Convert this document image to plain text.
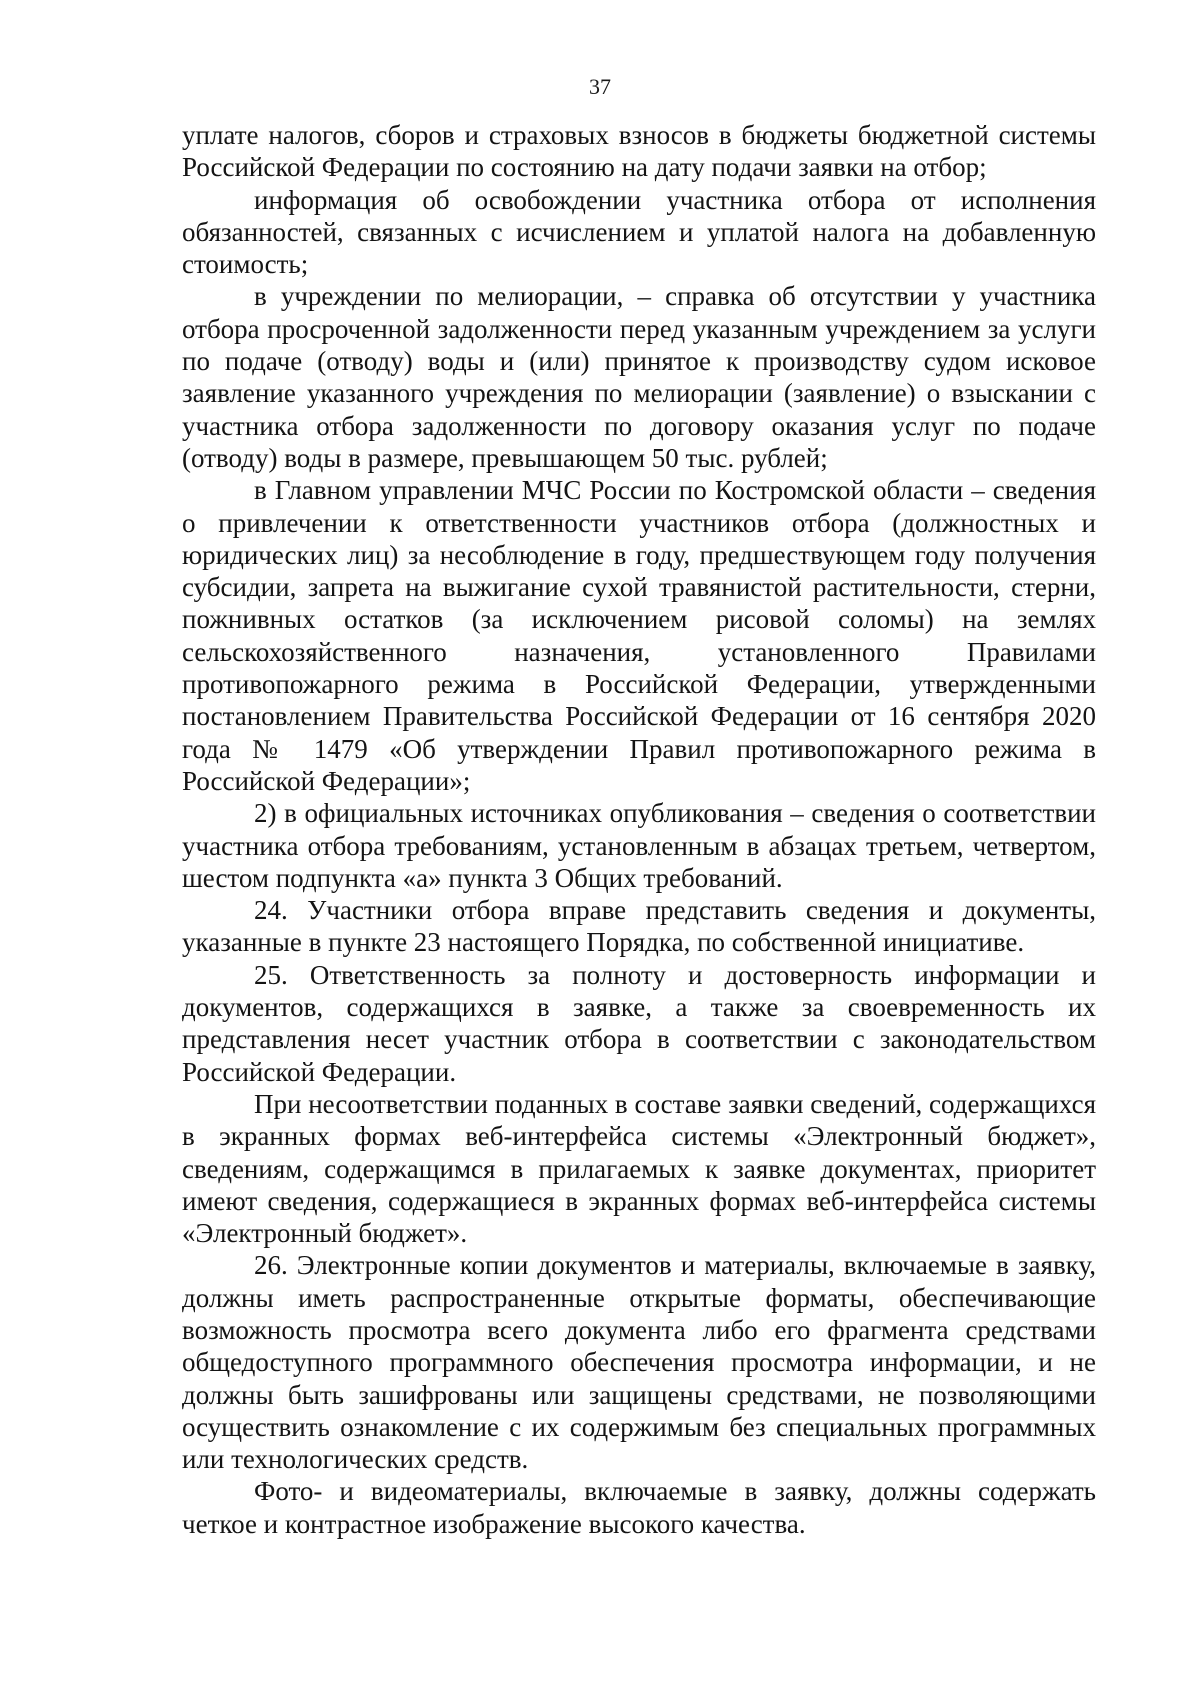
37

уплате налогов, сборов и страховых взносов в бюджеты бюджетной системы Российской Федерации по состоянию на дату подачи заявки на отбор;

информация об освобождении участника отбора от исполнения обязанностей, связанных с исчислением и уплатой налога на добавленную стоимость;

в учреждении по мелиорации, – справка об отсутствии у участника отбора просроченной задолженности перед указанным учреждением за услуги по подаче (отводу) воды и (или) принятое к производству судом исковое заявление указанного учреждения по мелиорации (заявление) о взыскании с участника отбора задолженности по договору оказания услуг по подаче (отводу) воды в размере, превышающем 50 тыс. рублей;

в Главном управлении МЧС России по Костромской области – сведения о привлечении к ответственности участников отбора (должностных и юридических лиц) за несоблюдение в году, предшествующем году получения субсидии, запрета на выжигание сухой травянистой растительности, стерни, пожнивных остатков (за исключением рисовой соломы) на землях сельскохозяйственного назначения, установленного Правилами противопожарного режима в Российской Федерации, утвержденными постановлением Правительства Российской Федерации от 16 сентября 2020 года № 1479 «Об утверждении Правил противопожарного режима в Российской Федерации»;

2) в официальных источниках опубликования – сведения о соответствии участника отбора требованиям, установленным в абзацах третьем, четвертом, шестом подпункта «а» пункта 3 Общих требований.

24. Участники отбора вправе представить сведения и документы, указанные в пункте 23 настоящего Порядка, по собственной инициативе.

25. Ответственность за полноту и достоверность информации и документов, содержащихся в заявке, а также за своевременность их представления несет участник отбора в соответствии с законодательством Российской Федерации.

При несоответствии поданных в составе заявки сведений, содержащихся в экранных формах веб-интерфейса системы «Электронный бюджет», сведениям, содержащимся в прилагаемых к заявке документах, приоритет имеют сведения, содержащиеся в экранных формах веб-интерфейса системы «Электронный бюджет».

26. Электронные копии документов и материалы, включаемые в заявку, должны иметь распространенные открытые форматы, обеспечивающие возможность просмотра всего документа либо его фрагмента средствами общедоступного программного обеспечения просмотра информации, и не должны быть зашифрованы или защищены средствами, не позволяющими осуществить ознакомление с их содержимым без специальных программных или технологических средств.

Фото- и видеоматериалы, включаемые в заявку, должны содержать четкое и контрастное изображение высокого качества.
